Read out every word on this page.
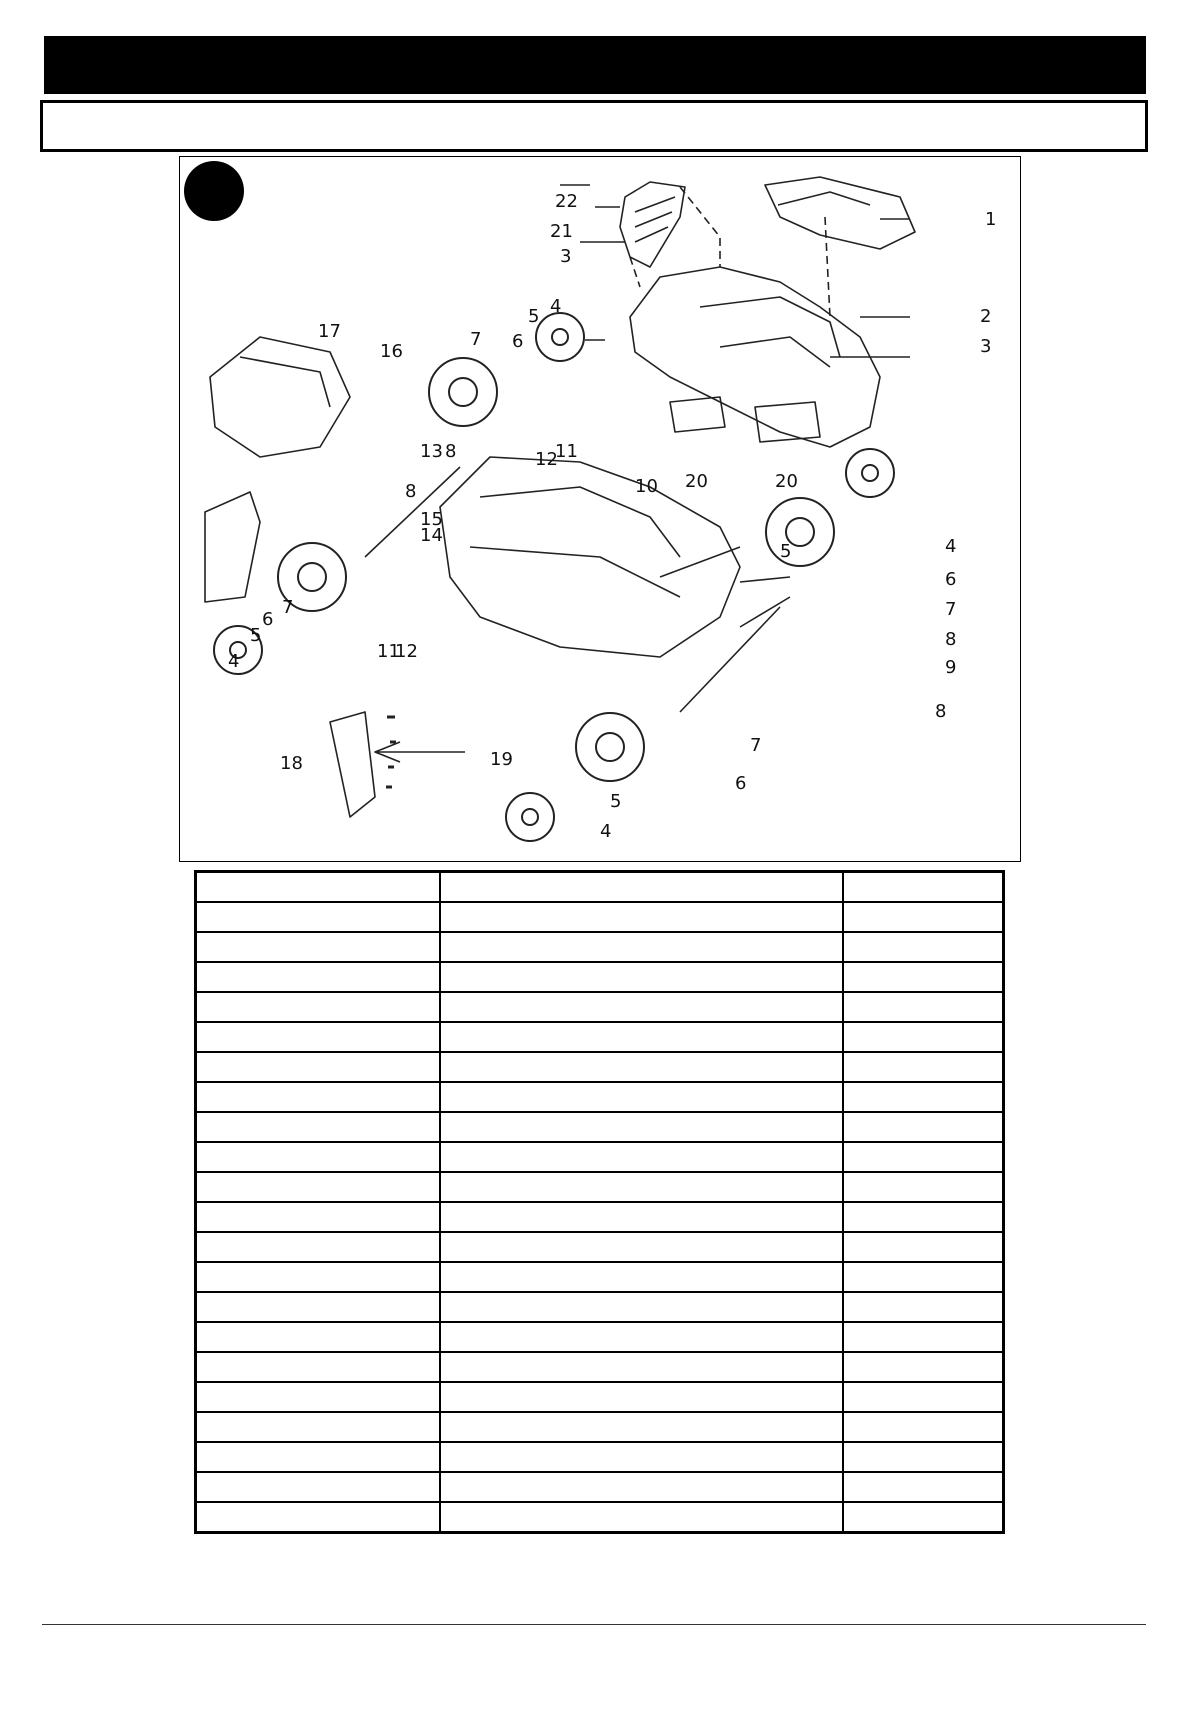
1
2
3
3
4
4
4
4
5
5
5
5
6
6
6
6
7
7
7
7
8
8
8
8
9
10
11
11
12
12
13
14
15
16
17
18	19
20	20
21
22
